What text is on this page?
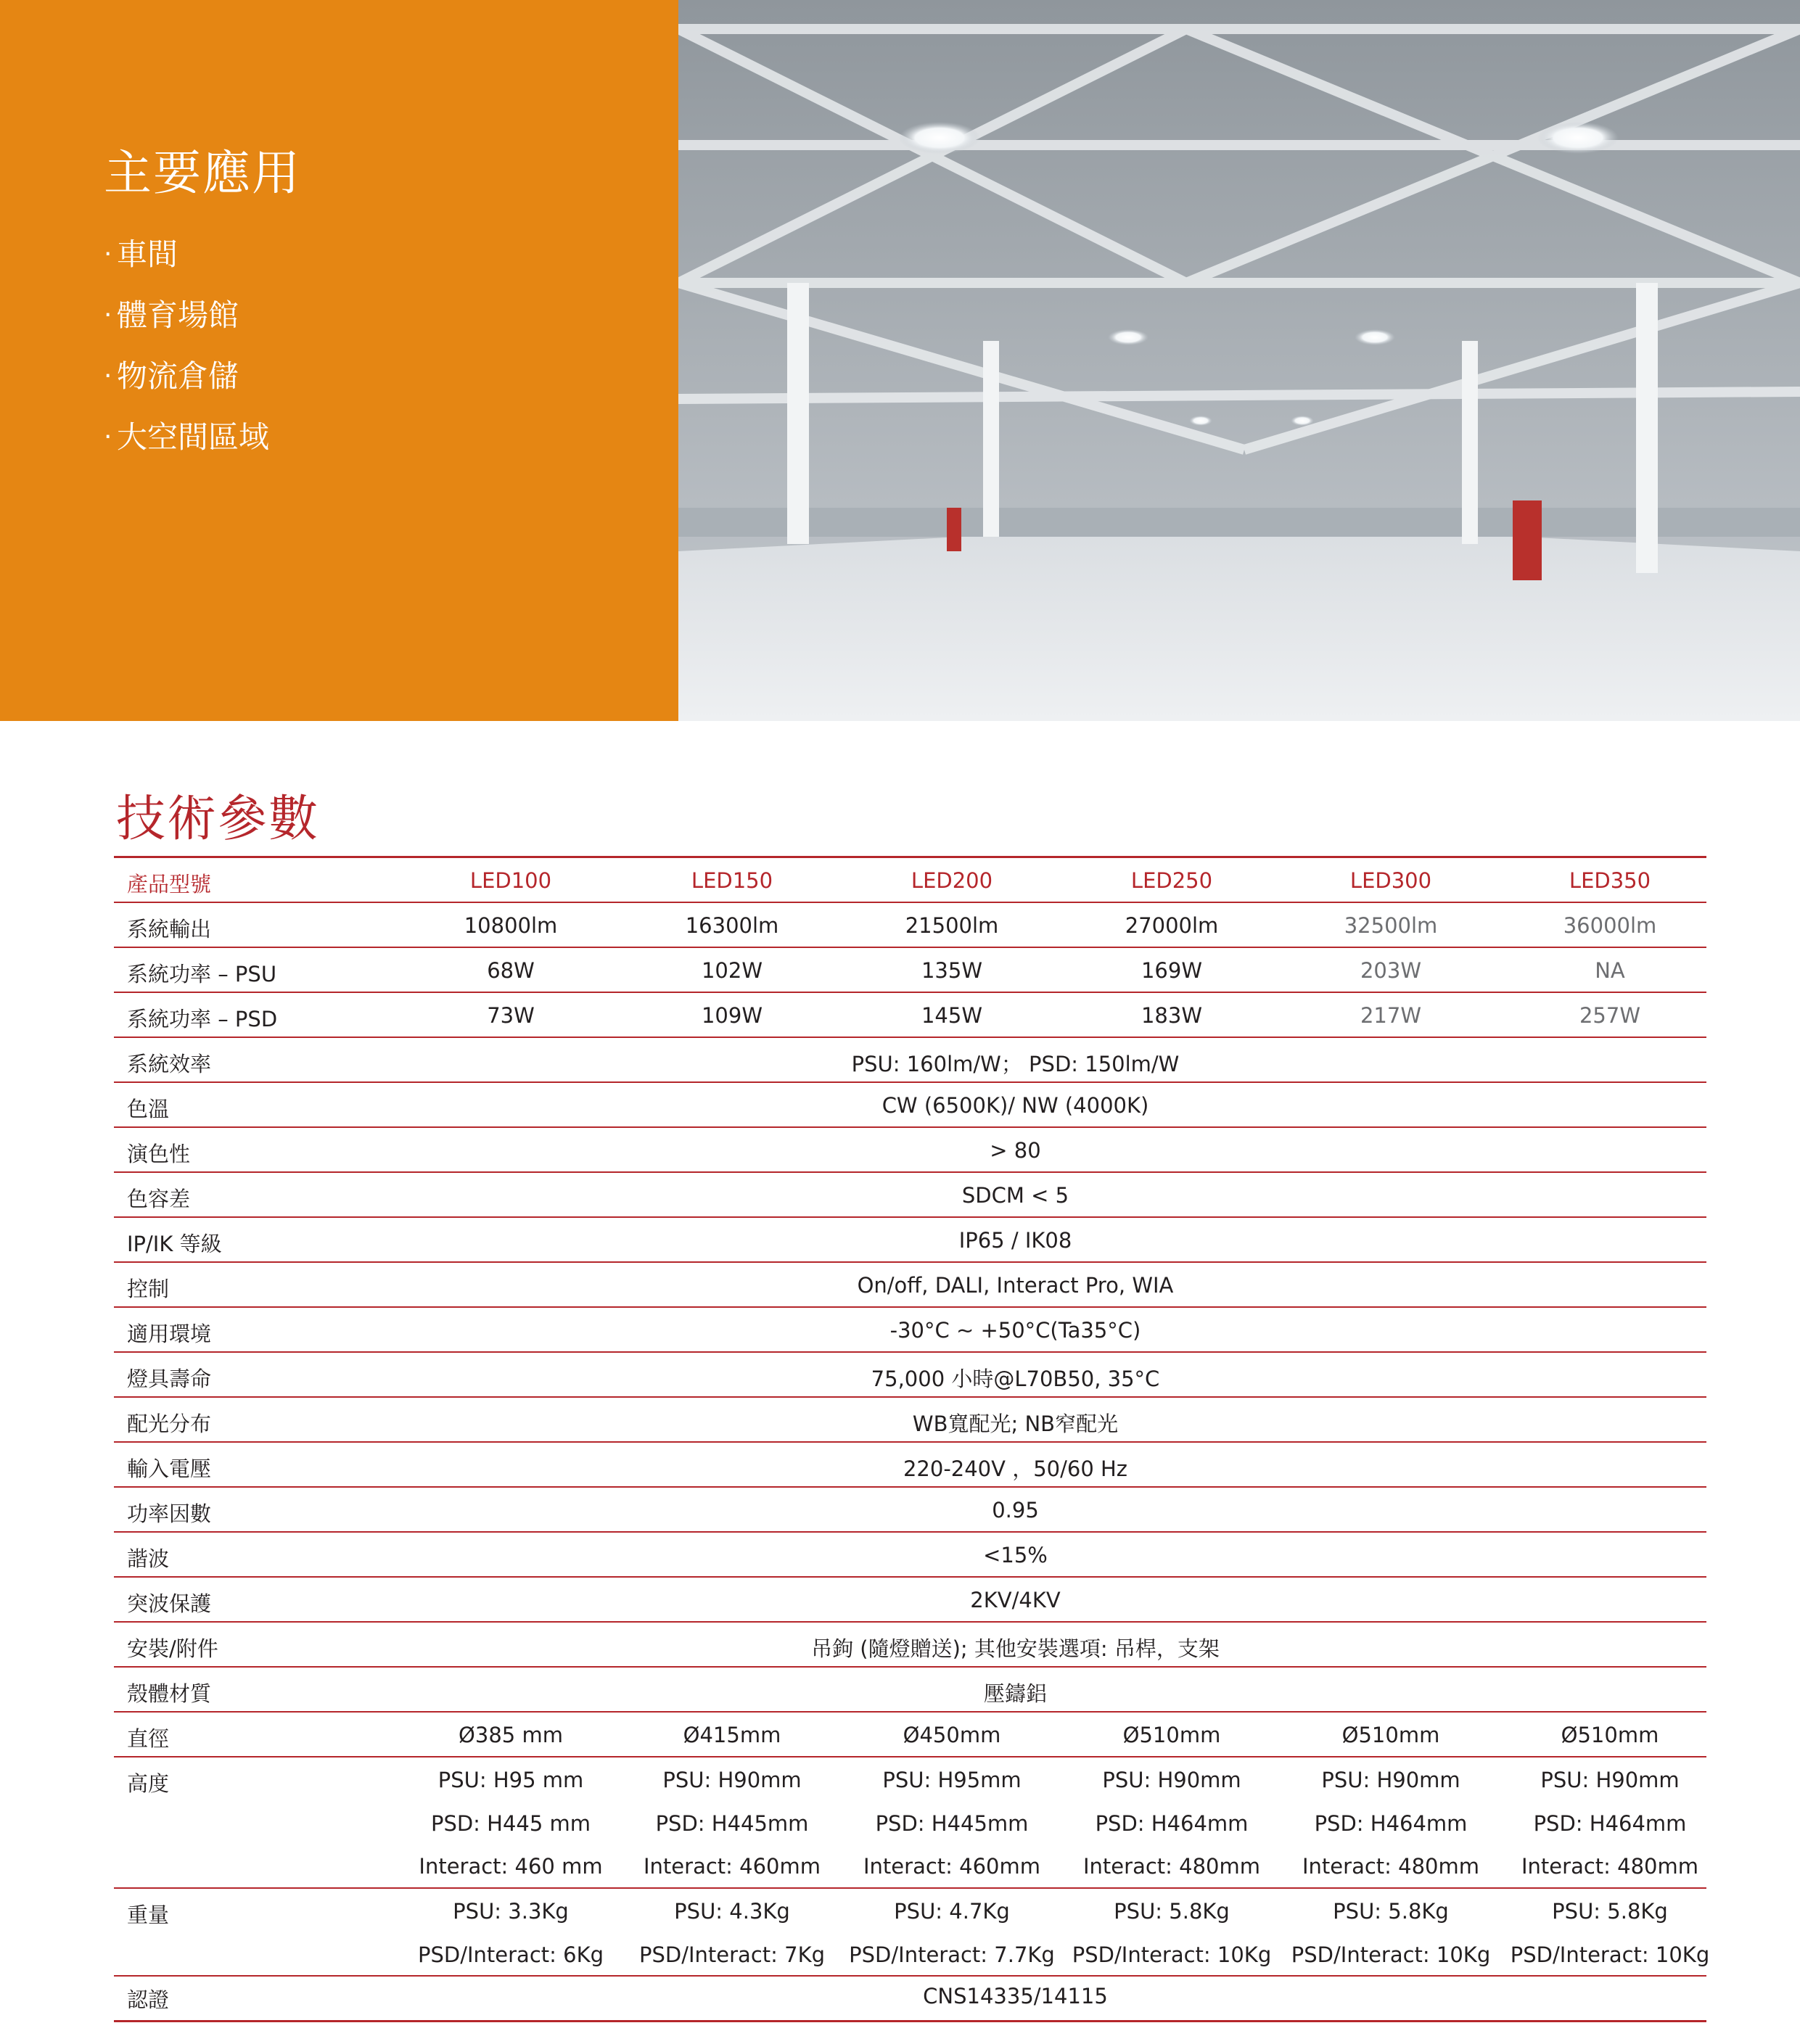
主要應用
· 車間
· 體育場館
· 物流倉儲
· 大空間區域
技術參數
產品型號	LED100	LED150	LED200	LED250	LED300	LED350
系統輸出	10800lm	16300lm	21500lm	27000lm	32500lm	36000lm
系統功率 – PSU	68W	102W	135W	169W	203W	NA
系統功率 – PSD	73W	109W	145W	183W	217W	257W
系統效率	PSU: 160lm/W； PSD: 150lm/W
色溫	CW (6500K)/ NW (4000K)
演色性	> 80
色容差	SDCM < 5
IP/IK 等級	IP65 / IK08
控制	On/off, DALI, Interact Pro, WIA
適用環境	-30°C ~ +50°C(Ta35°C)
燈具壽命	75,000 小時@L70B50, 35°C
配光分布	WB寬配光; NB窄配光
輸入電壓	220-240V ，50/60 Hz
功率因數	0.95
諧波	<15%
突波保護	2KV/4KV
安裝/附件	吊鉤 (隨燈贈送); 其他安裝選項: 吊桿，支架
殼體材質	壓鑄鋁
直徑	Ø385 mm	Ø415mm	Ø450mm	Ø510mm	Ø510mm	Ø510mm
高度	PSU: H95 mm	PSU: H90mm	PSU: H95mm	PSU: H90mm	PSU: H90mm	PSU: H90mm
PSD: H445 mm	PSD: H445mm	PSD: H445mm	PSD: H464mm	PSD: H464mm	PSD: H464mm
Interact: 460 mm	Interact: 460mm	Interact: 460mm	Interact: 480mm	Interact: 480mm	Interact: 480mm
重量	PSU: 3.3Kg	PSU: 4.3Kg	PSU: 4.7Kg	PSU: 5.8Kg	PSU: 5.8Kg	PSU: 5.8Kg
PSD/Interact: 6Kg	PSD/Interact: 7Kg	PSD/Interact: 7.7Kg PSD/Interact: 10Kg PSD/Interact: 10Kg PSD/Interact: 10Kg
認證	CNS14335/14115
